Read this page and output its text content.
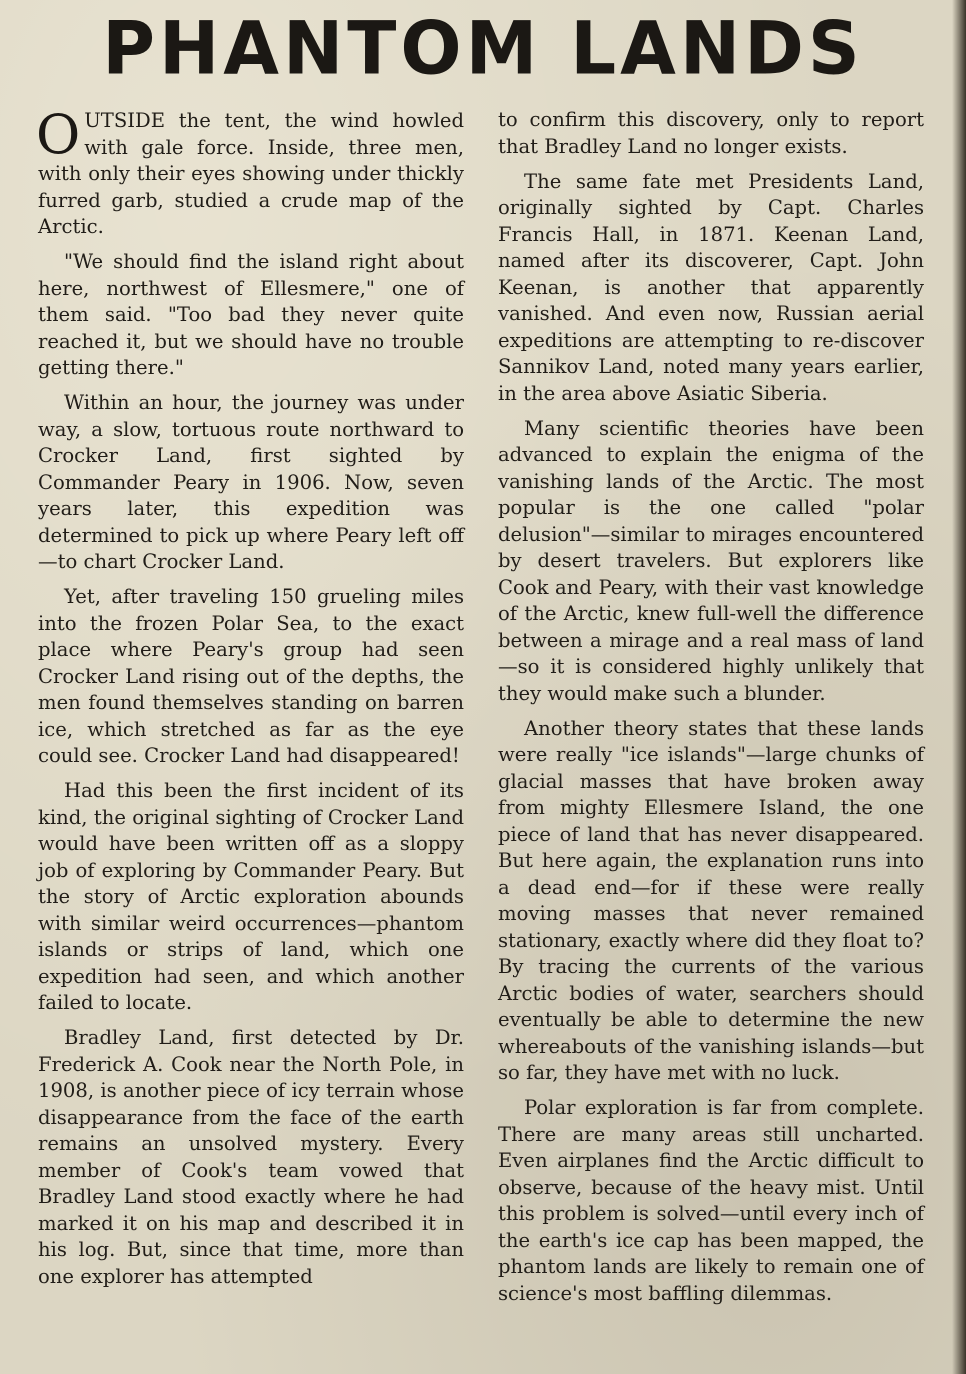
PHANTOM LANDS

OUTSIDE the tent, the wind howled with gale force. Inside, three men, with only their eyes showing under thickly furred garb, studied a crude map of the Arctic.

"We should find the island right about here, northwest of Ellesmere," one of them said. "Too bad they never quite reached it, but we should have no trouble getting there."

Within an hour, the journey was under way, a slow, tortuous route northward to Crocker Land, first sighted by Commander Peary in 1906. Now, seven years later, this expedition was determined to pick up where Peary left off—to chart Crocker Land.

Yet, after traveling 150 grueling miles into the frozen Polar Sea, to the exact place where Peary's group had seen Crocker Land rising out of the depths, the men found themselves standing on barren ice, which stretched as far as the eye could see. Crocker Land had disappeared!

Had this been the first incident of its kind, the original sighting of Crocker Land would have been written off as a sloppy job of exploring by Commander Peary. But the story of Arctic exploration abounds with similar weird occurrences—phantom islands or strips of land, which one expedition had seen, and which another failed to locate.

Bradley Land, first detected by Dr. Frederick A. Cook near the North Pole, in 1908, is another piece of icy terrain whose disappearance from the face of the earth remains an unsolved mystery. Every member of Cook's team vowed that Bradley Land stood exactly where he had marked it on his map and described it in his log. But, since that time, more than one explorer has attempted

to confirm this discovery, only to report that Bradley Land no longer exists.

The same fate met Presidents Land, originally sighted by Capt. Charles Francis Hall, in 1871. Keenan Land, named after its discoverer, Capt. John Keenan, is another that apparently vanished. And even now, Russian aerial expeditions are attempting to re-discover Sannikov Land, noted many years earlier, in the area above Asiatic Siberia.

Many scientific theories have been advanced to explain the enigma of the vanishing lands of the Arctic. The most popular is the one called "polar delusion"—similar to mirages encountered by desert travelers. But explorers like Cook and Peary, with their vast knowledge of the Arctic, knew full-well the difference between a mirage and a real mass of land—so it is considered highly unlikely that they would make such a blunder.

Another theory states that these lands were really "ice islands"—large chunks of glacial masses that have broken away from mighty Ellesmere Island, the one piece of land that has never disappeared. But here again, the explanation runs into a dead end—for if these were really moving masses that never remained stationary, exactly where did they float to? By tracing the currents of the various Arctic bodies of water, searchers should eventually be able to determine the new whereabouts of the vanishing islands—but so far, they have met with no luck.

Polar exploration is far from complete. There are many areas still uncharted. Even airplanes find the Arctic difficult to observe, because of the heavy mist. Until this problem is solved—until every inch of the earth's ice cap has been mapped, the phantom lands are likely to remain one of science's most baffling dilemmas.
